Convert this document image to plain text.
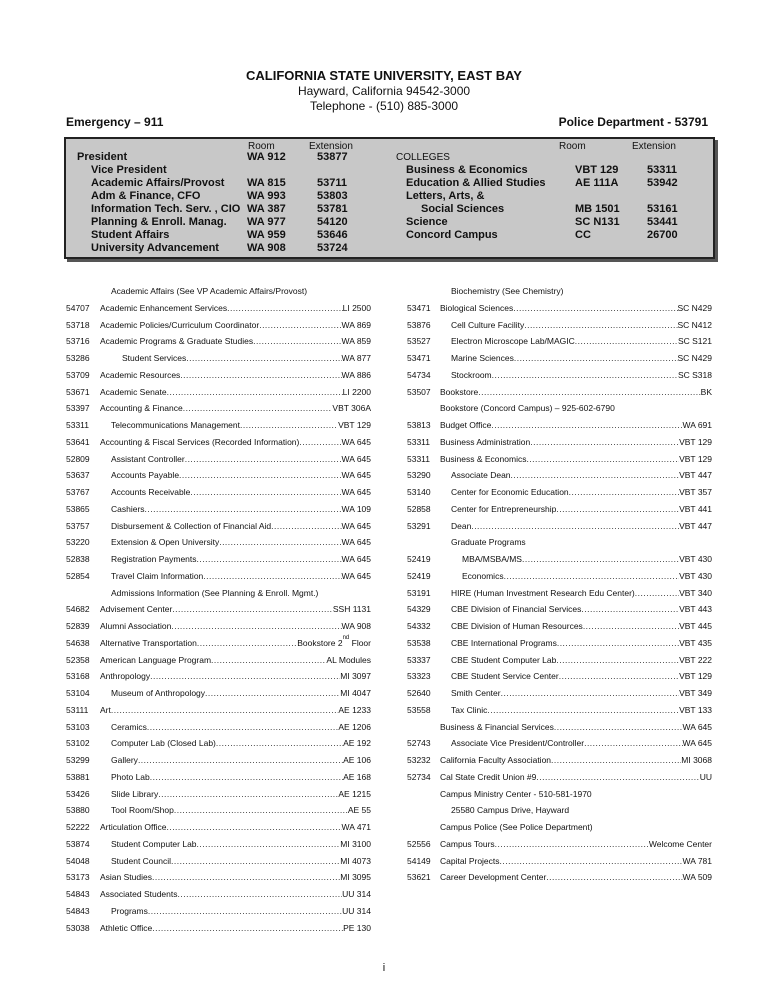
CALIFORNIA STATE UNIVERSITY, EAST BAY
Hayward, California 94542-3000
Telephone - (510) 885-3000
Emergency – 911	Police Department - 53791
Room	Extension	Room	Extension
COLLEGES
President	WA 912	53877
Vice President
Academic Affairs/Provost WA 815	53711
Adm & Finance, CFO	WA 993	53803
Information Tech. Serv. , CIO WA 387	53781
Planning & Enroll. Manag. WA 977	54120
Student Affairs	WA 959	53646
University Advancement	WA 908	53724
Business & Economics	VBT 129	53311
Education & Allied Studies	AE 111A	53942
Letters, Arts, &
Social Sciences	MB 1501 53161
Science	SC N131 53441
Concord Campus	CC	26700
Academic Affairs (See VP Academic Affairs/Provost)
54707 Academic Enhancement Services .....	LI 2500
53718 Academic Policies/Curriculum Coordinator .....	WA 869
53716 Academic Programs & Graduate Studies .....	WA 859
53286	Student Services .....	WA 877
53709 Academic Resources .....	WA 886
53671 Academic Senate .....	LI 2200
53397 Accounting & Finance .....	VBT 306A
53311	Telecommunications Management .....	VBT 129
53641 Accounting & Fiscal Services (Recorded Information) .....	WA 645
52809	Assistant Controller .....	WA 645
53637	Accounts Payable .....	WA 645
53767	Accounts Receivable .....	WA 645
53865	Cashiers .....	WA 109
53757	Disbursement & Collection of Financial Aid .....	WA 645
53220	Extension & Open University .....	WA 645
52838	Registration Payments .....	WA 645
52854	Travel Claim Information .....	WA 645
Admissions Information (See Planning & Enroll. Mgmt.)
54682 Advisement Center .....	SSH 1131
52839 Alumni Association .....	WA 908
54638 Alternative Transportation .....	Bookstore 2nd Floor
52358 American Language Program .....	AL Modules
53168 Anthropology .....	MI 3097
53104	Museum of Anthropology .....	MI 4047
53111 Art .....	AE 1233
53103	Ceramics .....	AE 1206
53102	Computer Lab (Closed Lab) .....	AE 192
53299	Gallery .....	AE 106
53881	Photo Lab .....	AE 168
53426	Slide Library .....	AE 1215
53880	Tool Room/Shop .....	AE 55
52222 Articulation Office .....	WA 471
53874	Student Computer Lab .....	MI 3100
54048	Student Council .....	MI 4073
53173 Asian Studies .....	MI 3095
54843 Associated Students .....	UU 314
54843	Programs .....	UU 314
53038 Athletic Office .....	PE 130
Biochemistry (See Chemistry)
53471 Biological Sciences .....	SC N429
53876 Cell Culture Facility .....	SC N412
53527 Electron Microscope Lab/MAGIC .....	SC S121
53471 Marine Sciences .....	SC N429
54734 Stockroom .....	SC S318
53507 Bookstore .....	BK
Bookstore (Concord Campus) – 925-602-6790
53813 Budget Office .....	WA 691
53311 Business Administration .....	VBT 129
53311 Business & Economics .....	VBT 129
53290 Associate Dean .....	VBT 447
53140 Center for Economic Education .....	VBT 357
52858 Center for Entrepreneurship .....	VBT 441
53291 Dean .....	VBT 447
Graduate Programs
52419	MBA/MSBA/MS .....	VBT 430
52419	Economics .....	VBT 430
53191 HIRE (Human Investment Research Edu Center) .....	VBT 340
54329 CBE Division of Financial Services .....	VBT 443
54332 CBE Division of Human Resources .....	VBT 445
53538 CBE International Programs .....	VBT 435
53337 CBE Student Computer Lab .....	VBT 222
53323 CBE Student Service Center .....	VBT 129
52640 Smith Center .....	VBT 349
53558 Tax Clinic .....	VBT 133
Business & Financial Services .....	WA 645
52743 Associate Vice President/Controller .....	WA 645
53232 California Faculty Association .....	MI 3068
52734 Cal State Credit Union #9 .....	UU
Campus Ministry Center - 510-581-1970
25580 Campus Drive, Hayward
Campus Police (See Police Department)
52556 Campus Tours .....	Welcome Center
54149 Capital Projects .....	WA 781
53621 Career Development Center .....	WA 509
i
